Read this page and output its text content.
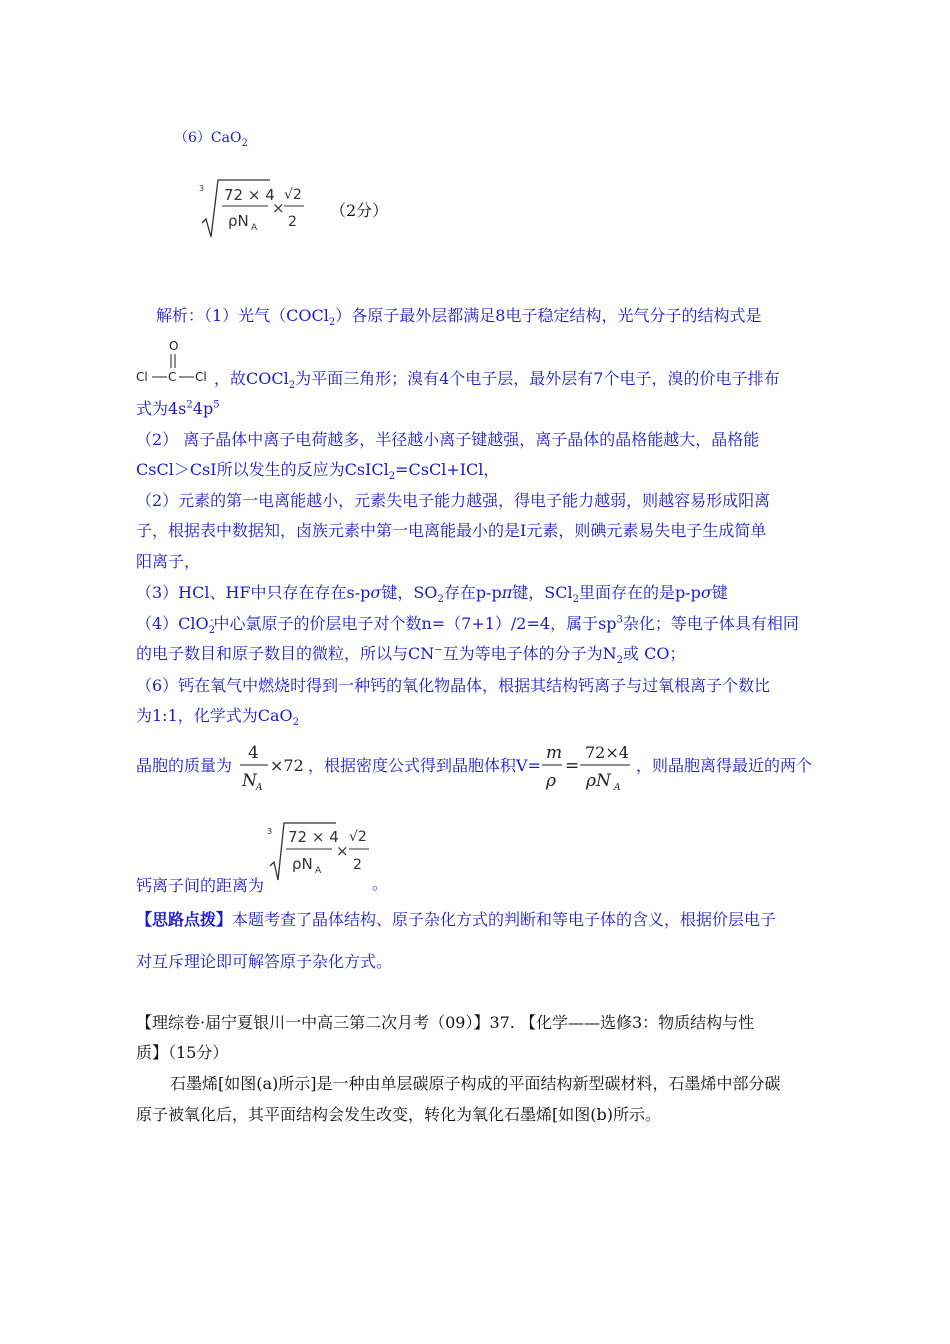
（6）CaO$_2$
3 72 × 4
ρN A
×
√2
2
（2分）
解析：（1）光气（COCl$_2$）各原子最外层都满足8电子稳定结构，光气分子的结构式是
O
Cl C Cl ，故COCl$_2$为平面三角形；溴有4个电子层，最外层有7个电子，溴的价电子排布
式为$4s^24p^5$
（2） 离子晶体中离子电荷越多，半径越小离子键越强，离子晶体的晶格能越大，晶格能
CsCl＞CsI所以发生的反应为CsICl$_2$=CsCl+ICl，
（2）元素的第一电离能越小，元素失电子能力越强，得电子能力越弱，则越容易形成阳离
子，根据表中数据知，卤族元素中第一电离能最小的是I元素，则碘元素易失电子生成简单
阳离子，
（3）HCl、HF中只存在存在s-pσ键，$SO_2$存在p-pπ键，SCl$_2$里面存在的是p-pσ键
（4）ClO$_2$-中心氯原子的价层电子对个数n=（7+1）/2=4，属于$sp^3$杂化；等电子体具有相同
的电子数目和原子数目的微粒，所以与CN−互为等电子体的分子为$N_2$或 CO；
（6）钙在氧气中燃烧时得到一种钙的氧化物晶体，根据其结构钙离子与过氧根离子个数比
为1:1，化学式为CaO$_2$
晶胞的质量为
4
N A
×72 ，根据密度公式得到晶胞体积V=
m
ρ
=
72×4
ρN A
，则晶胞离得最近的两个
3 72 × 4
ρN A
×
√2
2
钙离子间的距离为	。
【思路点拨】本题考查了晶体结构、原子杂化方式的判断和等电子体的含义，根据价层电子
对互斥理论即可解答原子杂化方式。
【理综卷·届宁夏银川一中高三第二次月考（09）】37. 【化学——选修3：物质结构与性
质】（15分）
石墨烯[如图(a)所示]是一种由单层碳原子构成的平面结构新型碳材料，石墨烯中部分碳
原子被氧化后，其平面结构会发生改变，转化为氧化石墨烯[如图(b)所示。
